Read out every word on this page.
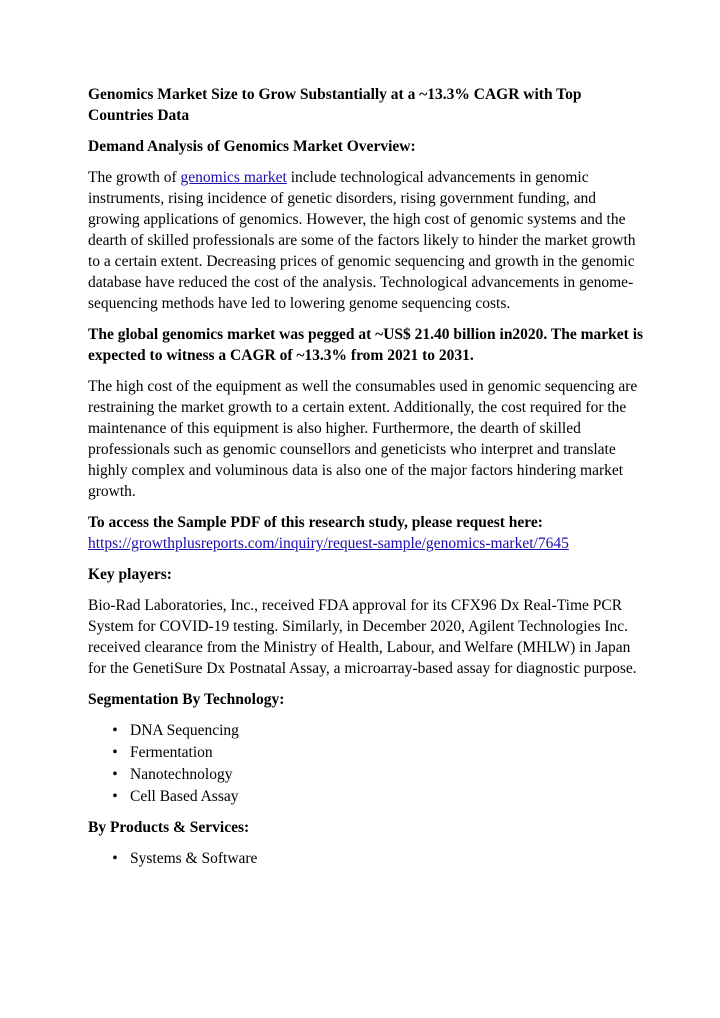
Genomics Market Size to Grow Substantially at a ~13.3% CAGR with Top Countries Data
Demand Analysis of Genomics Market Overview:
The growth of genomics market include technological advancements in genomic instruments, rising incidence of genetic disorders, rising government funding, and growing applications of genomics. However, the high cost of genomic systems and the dearth of skilled professionals are some of the factors likely to hinder the market growth to a certain extent. Decreasing prices of genomic sequencing and growth in the genomic database have reduced the cost of the analysis. Technological advancements in genome-sequencing methods have led to lowering genome sequencing costs.
The global genomics market was pegged at ~US$ 21.40 billion in2020. The market is expected to witness a CAGR of ~13.3% from 2021 to 2031.
The high cost of the equipment as well the consumables used in genomic sequencing are restraining the market growth to a certain extent. Additionally, the cost required for the maintenance of this equipment is also higher. Furthermore, the dearth of skilled professionals such as genomic counsellors and geneticists who interpret and translate highly complex and voluminous data is also one of the major factors hindering market growth.
To access the Sample PDF of this research study, please request here:
https://growthplusreports.com/inquiry/request-sample/genomics-market/7645
Key players:
Bio-Rad Laboratories, Inc., received FDA approval for its CFX96 Dx Real-Time PCR System for COVID-19 testing. Similarly, in December 2020, Agilent Technologies Inc. received clearance from the Ministry of Health, Labour, and Welfare (MHLW) in Japan for the GenetiSure Dx Postnatal Assay, a microarray-based assay for diagnostic purpose.
Segmentation By Technology:
• DNA Sequencing
• Fermentation
• Nanotechnology
• Cell Based Assay
By Products & Services:
• Systems & Software
